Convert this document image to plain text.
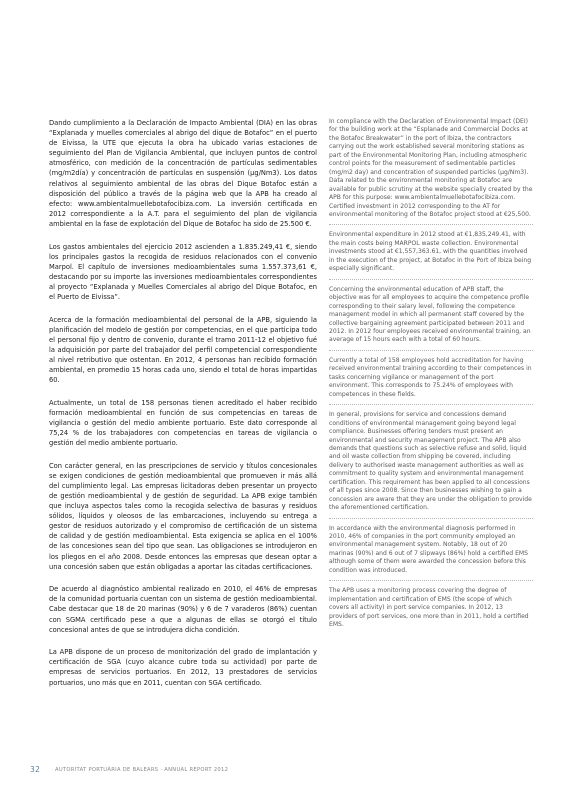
Dando cumplimiento a la Declaración de Impacto Ambiental (DIA) en las obras “Explanada y muelles comerciales al abrigo del dique de Botafoc” en el puerto de Eivissa, la UTE que ejecuta la obra ha ubicado varias estaciones de seguimiento del Plan de Vigilancia Ambiental, que incluyen puntos de control atmosférico, con medición de la concentración de partículas sedimentables (mg/m2día) y concentración de partículas en suspensión (µg/Nm3). Los datos relativos al seguimiento ambiental de las obras del Dique Botafoc están a disposición del público a través de la página web que la APB ha creado al efecto: www.ambientalmuellebotafocibiza.com. La inversión certificada en 2012 correspondiente a la A.T. para el seguimiento del plan de vigilancia ambiental en la fase de explotación del Dique de Botafoc ha sido de 25.500 €.

Los gastos ambientales del ejercicio 2012 ascienden a 1.835.249,41 €, siendo los principales gastos la recogida de residuos relacionados con el convenio Marpol. El capítulo de inversiones medioambientales suma 1.557.373,61 €, destacando por su importe las inversiones medioambientales correspondientes al proyecto “Explanada y Muelles Comerciales al abrigo del Dique Botafoc, en el Puerto de Eivissa”.

Acerca de la formación medioambiental del personal de la APB, siguiendo la planificación del modelo de gestión por competencias, en el que participa todo el personal fijo y dentro de convenio, durante el tramo 2011-12 el objetivo fué la adquisición por parte del trabajador del perfil competencial correspondiente al nivel retributivo que ostentan. En 2012, 4 personas han recibido formación ambiental, en promedio 15 horas cada uno, siendo el total de horas impartidas 60.

Actualmente, un total de 158 personas tienen acreditado el haber recibido formación medioambiental en función de sus competencias en tareas de vigilancia o gestión del medio ambiente portuario. Este dato corresponde al 75,24 % de los trabajadores con competencias en tareas de vigilancia o gestión del medio ambiente portuario.

Con carácter general, en las prescripciones de servicio y títulos concesionales se exigen condiciones de gestión medioambiental que promueven ir más allá del cumplimiento legal. Las empresas licitadoras deben presentar un proyecto de gestión medioambiental y de gestión de seguridad. La APB exige también que incluya aspectos tales como la recogida selectiva de basuras y residuos sólidos, líquidos y oleosos de las embarcaciones, incluyendo su entrega a gestor de residuos autorizado y el compromiso de certificación de un sistema de calidad y de gestión medioambiental. Esta exigencia se aplica en el 100% de las concesiones sean del tipo que sean. Las obligaciones se introdujeron en los pliegos en el año 2008. Desde entonces las empresas que desean optar a una concesión saben que están obligadas a aportar las citadas certificaciones.

De acuerdo al diagnóstico ambiental realizado en 2010, el 46% de empresas de la comunidad portuaria cuentan con un sistema de gestión medioambiental. Cabe destacar que 18 de 20 marinas (90%) y 6 de 7 varaderos (86%) cuentan con SGMA certificado pese a que a algunas de ellas se otorgó el título concesional antes de que se introdujera dicha condición.

La APB dispone de un proceso de monitorización del grado de implantación y certificación de SGA (cuyo alcance cubre toda su actividad) por parte de empresas de servicios portuarios. En 2012, 13 prestadores de servicios portuarios, uno más que en 2011, cuentan con SGA certificado.

In compliance with the Declaration of Environmental Impact (DEI) for the building work at the “Esplanade and Commercial Docks at the Botafoc Breakwater” in the port of Ibiza, the contractors carrying out the work established several monitoring stations as part of the Environmental Monitoring Plan, including atmospheric control points for the measurement of sedimentable particles (mg/m2 day) and concentration of suspended particles (µg/Nm3). Data related to the environmental monitoring at Botafoc are available for public scrutiny at the website specially created by the APB for this purpose: www.ambientalmuellebotafocibiza.com. Certified investment in 2012 corresponding to the AT for environmental monitoring of the Botafoc project stood at €25,500.

Environmental expenditure in 2012 stood at €1,835,249.41, with the main costs being MARPOL waste collection. Environmental investments stood at €1,557,363.61, with the quantities involved in the execution of the project, at Botafoc in the Port of Ibiza being especially significant.

Concerning the environmental education of APB staff, the objective was for all employees to acquire the competence profile corresponding to their salary level, following the competence management model in which all permanent staff covered by the collective bargaining agreement participated between 2011 and 2012. In 2012 four employees received environmental training, an average of 15 hours each with a total of 60 hours.

Currently a total of 158 employees hold accreditation for having received environmental training according to their competences in tasks concerning vigilance or management of the port environment. This corresponds to 75.24% of employees with competences in these fields.

In general, provisions for service and concessions demand conditions of environmental management going beyond legal compliance. Businesses offering tenders must present an environmental and security management project. The APB also demands that questions such as selective refuse and solid, liquid and oil waste collection from shipping be covered, including delivery to authorised waste management authorities as well as commitment to quality system and environmental management certification. This requirement has been applied to all concessions of all types since 2008. Since then businesses wishing to gain a concession are aware that they are under the obligation to provide the aforementioned certification.

In accordance with the environmental diagnosis performed in 2010, 46% of companies in the port community employed an environmental management system. Notably, 18 out of 20 marinas (90%) and 6 out of 7 slipways (86%) hold a certified EMS although some of them were awarded the concession before this condition was introduced.

The APB uses a monitoring process covering the degree of implementation and certification of EMS (the scope of which covers all activity) in port service companies. In 2012, 13 providers of port services, one more than in 2011, hold a certified EMS.

32	AUTORITAT PORTUÀRIA DE BALEARS · ANNUAL REPORT 2012
